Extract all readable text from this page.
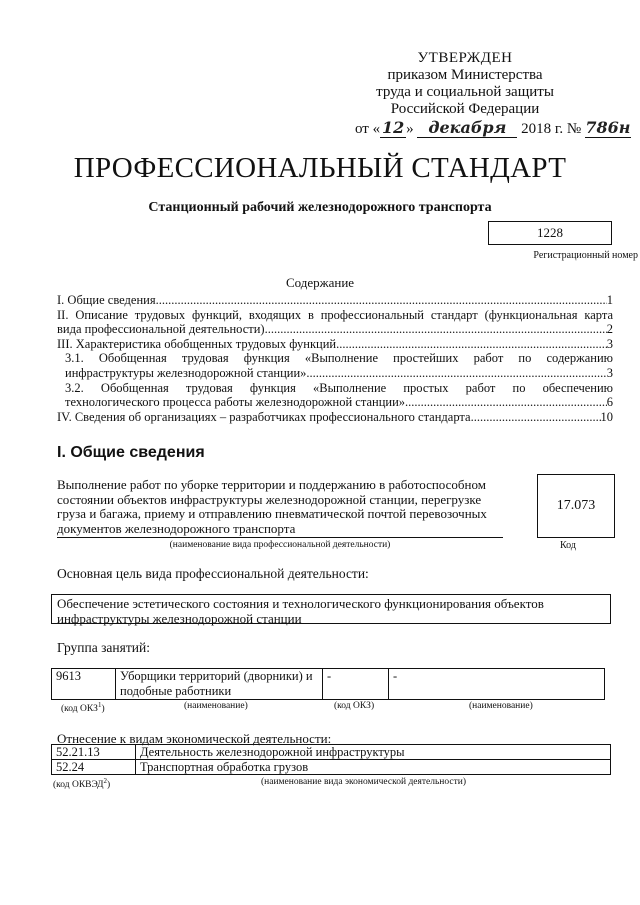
УТВЕРЖДЕН
приказом Министерства
труда и социальной защиты
Российской Федерации
от « 12 » декабря 2018 г. № 786н
ПРОФЕССИОНАЛЬНЫЙ СТАНДАРТ
Станционный рабочий железнодорожного транспорта
1228
Регистрационный номер
Содержание
I. Общие сведения .....	1
II. Описание трудовых функций, входящих в профессиональный стандарт (функциональная карта
вида профессиональной деятельности) .....	2
III. Характеристика обобщенных трудовых функций .....	3
3.1. Обобщенная трудовая функция «Выполнение простейших работ по содержанию
инфраструктуры железнодорожной станции» .....	3
3.2. Обобщенная трудовая функция «Выполнение простых работ по обеспечению
технологического процесса работы железнодорожной станции» .....	6
IV. Сведения об организациях – разработчиках профессионального стандарта .....	10
I. Общие сведения
Выполнение работ по уборке территории и поддержанию в работоспособном состоянии объектов инфраструктуры железнодорожной станции, перегрузке груза и багажа, приему и отправлению пневматической почтой перевозочных документов железнодорожного транспорта
17.073
(наименование вида профессиональной деятельности)	Код
Основная цель вида профессиональной деятельности:
Обеспечение эстетического состояния и технологического функционирования объектов инфраструктуры железнодорожной станции
Группа занятий:
9613	Уборщики территорий (дворники) и подобные работники	-	-
(код ОКЗ$^1$)	(наименование)	(код ОКЗ)	(наименование)
Отнесение к видам экономической деятельности:
52.21.13	Деятельность железнодорожной инфраструктуры
52.24	Транспортная обработка грузов
(код ОКВЭД$^2$)	(наименование вида экономической деятельности)
